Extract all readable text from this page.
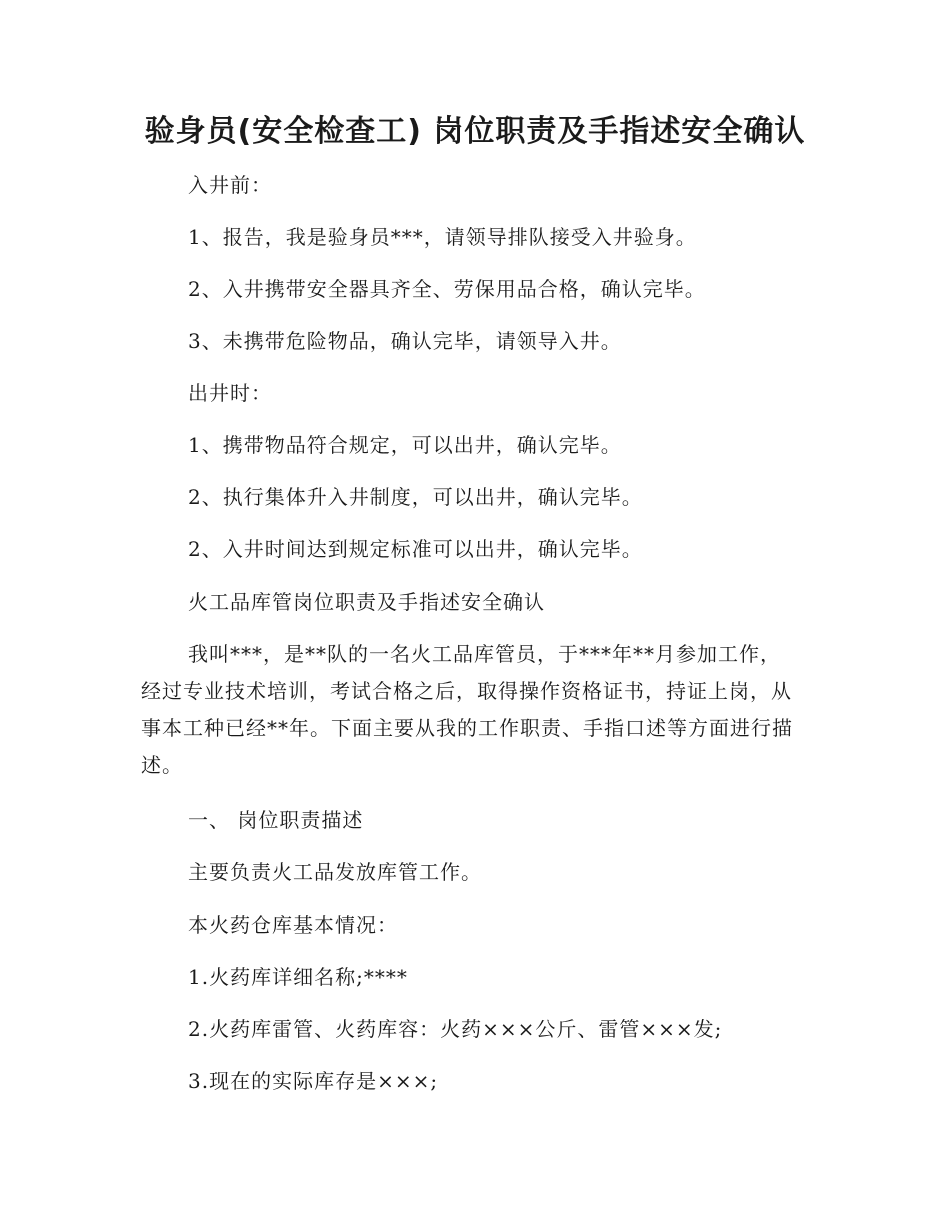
验身员(安全检查工) 岗位职责及手指述安全确认

入井前：

1、报告，我是验身员***，请领导排队接受入井验身。

2、入井携带安全器具齐全、劳保用品合格，确认完毕。

3、未携带危险物品，确认完毕，请领导入井。

出井时：

1、携带物品符合规定，可以出井，确认完毕。

2、执行集体升入井制度，可以出井，确认完毕。

2、入井时间达到规定标准可以出井，确认完毕。

火工品库管岗位职责及手指述安全确认

我叫***，是**队的一名火工品库管员，于***年**月参加工作，经过专业技术培训，考试合格之后，取得操作资格证书，持证上岗，从事本工种已经**年。下面主要从我的工作职责、手指口述等方面进行描述。

一、 岗位职责描述

主要负责火工品发放库管工作。

本火药仓库基本情况：

1.火药库详细名称;****

2.火药库雷管、火药库容：火药×××公斤、雷管×××发;

3.现在的实际库存是×××;
